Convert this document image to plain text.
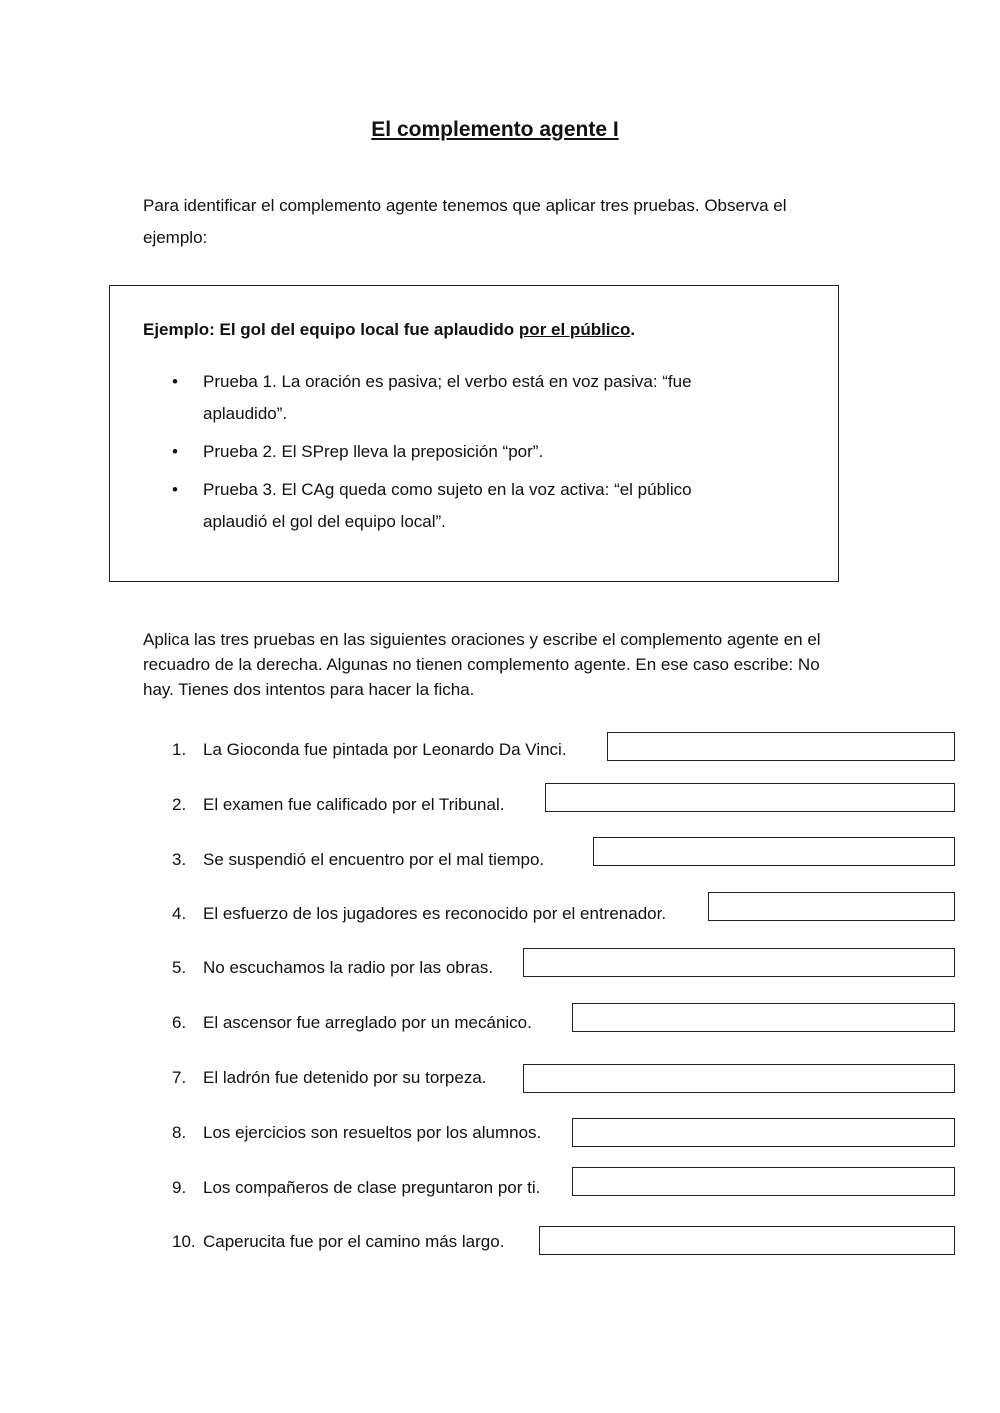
El complemento agente I

Para identificar el complemento agente tenemos que aplicar tres pruebas. Observa el ejemplo:

Ejemplo: El gol del equipo local fue aplaudido por el público.

• Prueba 1. La oración es pasiva; el verbo está en voz pasiva: “fue aplaudido”.
• Prueba 2. El SPrep lleva la preposición “por”.
• Prueba 3. El CAg queda como sujeto en la voz activa: “el público aplaudió el gol del equipo local”.

Aplica las tres pruebas en las siguientes oraciones y escribe el complemento agente en el recuadro de la derecha. Algunas no tienen complemento agente. En ese caso escribe: No hay. Tienes dos intentos para hacer la ficha.

1. La Gioconda fue pintada por Leonardo Da Vinci.
2. El examen fue calificado por el Tribunal.
3. Se suspendió el encuentro por el mal tiempo.
4. El esfuerzo de los jugadores es reconocido por el entrenador.
5. No escuchamos la radio por las obras.
6. El ascensor fue arreglado por un mecánico.
7. El ladrón fue detenido por su torpeza.
8. Los ejercicios son resueltos por los alumnos.
9. Los compañeros de clase preguntaron por ti.
10. Caperucita fue por el camino más largo.
